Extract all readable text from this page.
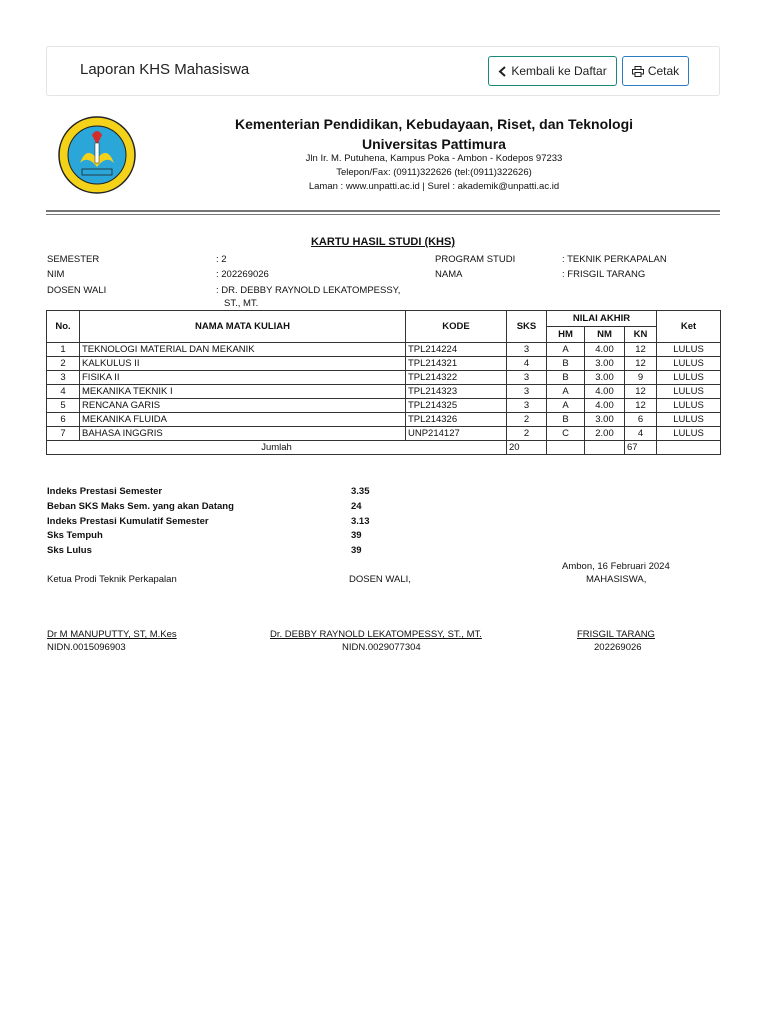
Laporan KHS Mahasiswa	Kembali ke Daftar	Cetak
Kementerian Pendidikan, Kebudayaan, Riset, dan Teknologi
Universitas Pattimura
Jln Ir. M. Putuhena, Kampus Poka - Ambon - Kodepos 97233
Telepon/Fax: (0911)322626 (tel:(0911)322626)
Laman : www.unpatti.ac.id | Surel : akademik@unpatti.ac.id
KARTU HASIL STUDI (KHS)
SEMESTER	: 2
NIM	: 202269026
DOSEN WALI	: DR. DEBBY RAYNOLD LEKATOMPESSY,
ST., MT.
PROGRAM STUDI	: TEKNIK PERKAPALAN
NAMA	: FRISGIL TARANG
No.	NAMA MATA KULIAH	KODE	SKS	NILAI AKHIR			Ket
				HM	NM	KN	
1	TEKNOLOGI MATERIAL DAN MEKANIK	TPL214224	3	A	4.00	12	LULUS
2	KALKULUS II	TPL214321	4	B	3.00	12	LULUS
3	FISIKA II	TPL214322	3	B	3.00	9	LULUS
4	MEKANIKA TEKNIK I	TPL214323	3	A	4.00	12	LULUS
5	RENCANA GARIS	TPL214325	3	A	4.00	12	LULUS
6	MEKANIKA FLUIDA	TPL214326	2	B	3.00	6	LULUS
7	BAHASA INGGRIS	UNP214127	2	C	2.00	4	LULUS
Jumlah			20			67	
Indeks Prestasi Semester	3.35
Beban SKS Maks Sem. yang akan Datang	24
Indeks Prestasi Kumulatif Semester	3.13
Sks Tempuh	39
Sks Lulus	39
Ambon, 16 Februari 2024
Ketua Prodi Teknik Perkapalan	DOSEN WALI,	MAHASISWA,
Dr M MANUPUTTY, ST, M.Kes
NIDN.0015096903
Dr. DEBBY RAYNOLD LEKATOMPESSY, ST., MT.
NIDN.0029077304
FRISGIL TARANG
202269026
